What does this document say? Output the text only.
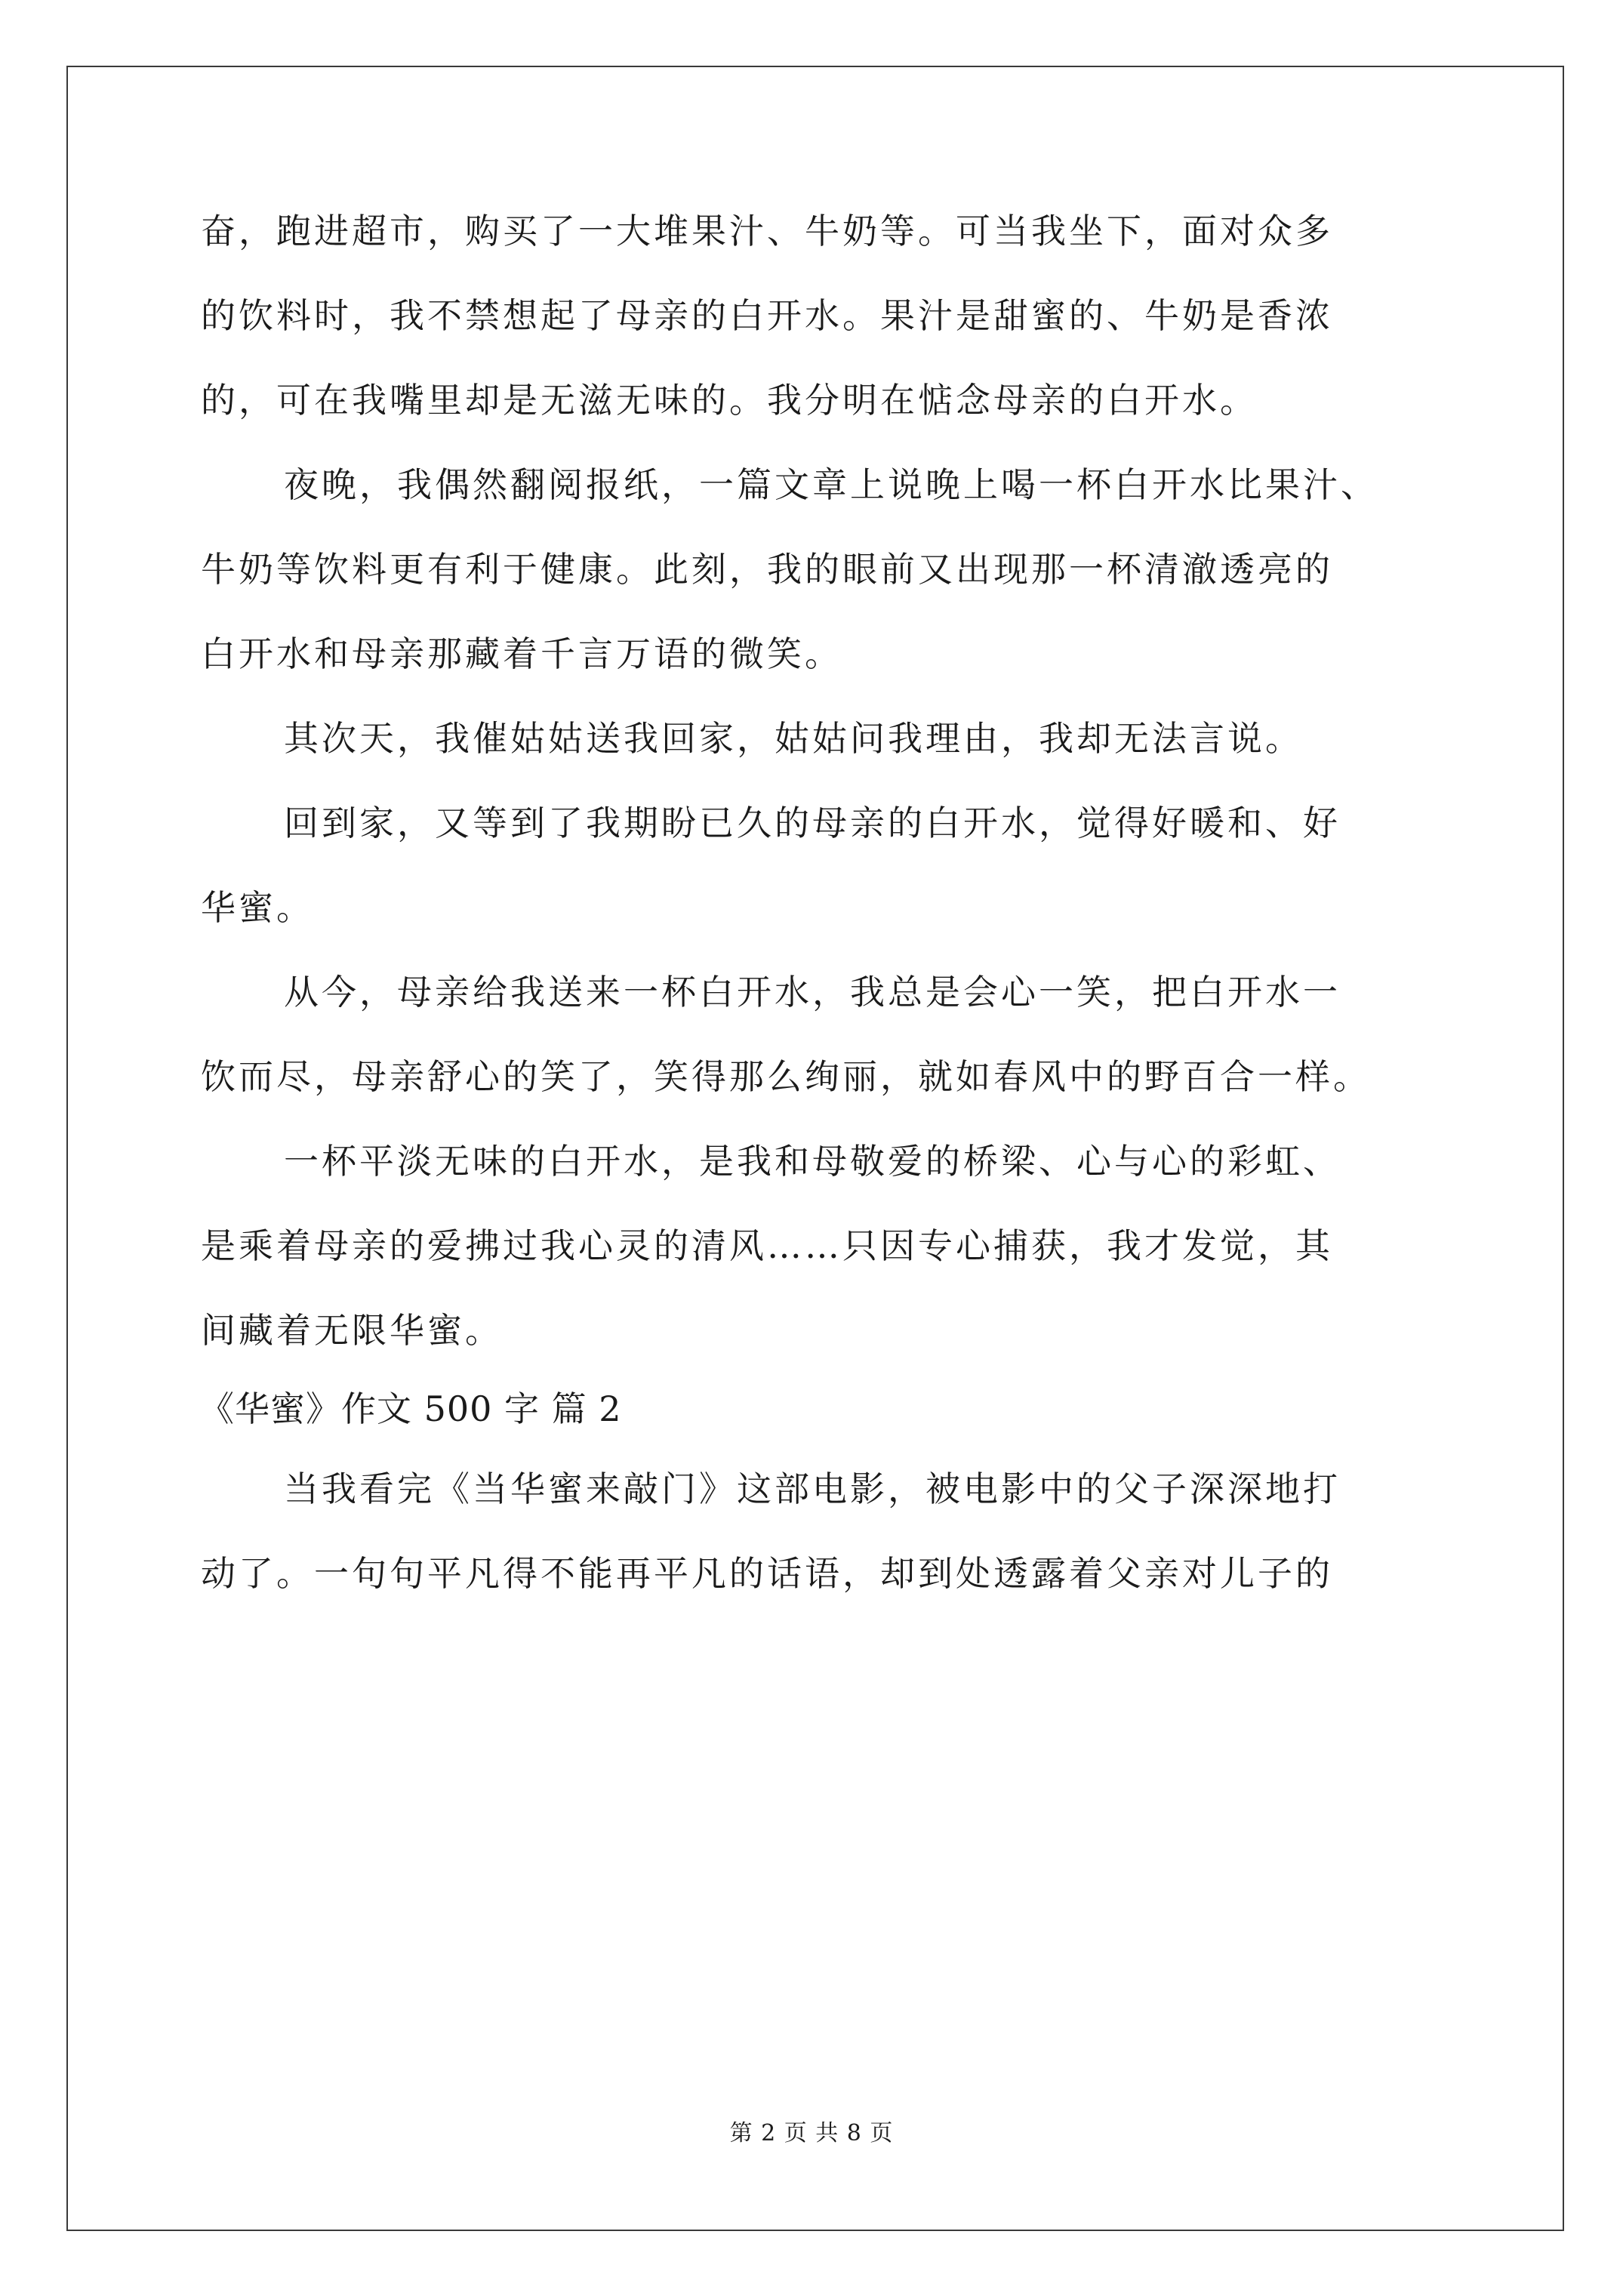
奋，跑进超市，购买了一大堆果汁、牛奶等。可当我坐下，面对众多
的饮料时，我不禁想起了母亲的白开水。果汁是甜蜜的、牛奶是香浓
的，可在我嘴里却是无滋无味的。我分明在惦念母亲的白开水。
夜晚，我偶然翻阅报纸，一篇文章上说晚上喝一杯白开水比果汁、
牛奶等饮料更有利于健康。此刻，我的眼前又出现那一杯清澈透亮的
白开水和母亲那藏着千言万语的微笑。
其次天，我催姑姑送我回家，姑姑问我理由，我却无法言说。
回到家，又等到了我期盼已久的母亲的白开水，觉得好暖和、好
华蜜。
从今，母亲给我送来一杯白开水，我总是会心一笑，把白开水一
饮而尽，母亲舒心的笑了，笑得那么绚丽，就如春风中的野百合一样。
一杯平淡无味的白开水，是我和母敬爱的桥梁、心与心的彩虹、
是乘着母亲的爱拂过我心灵的清风……只因专心捕获，我才发觉，其
间藏着无限华蜜。
《华蜜》作文 500 字 篇 2
当我看完《当华蜜来敲门》这部电影，被电影中的父子深深地打
动了。一句句平凡得不能再平凡的话语，却到处透露着父亲对儿子的
第 2 页 共 8 页
